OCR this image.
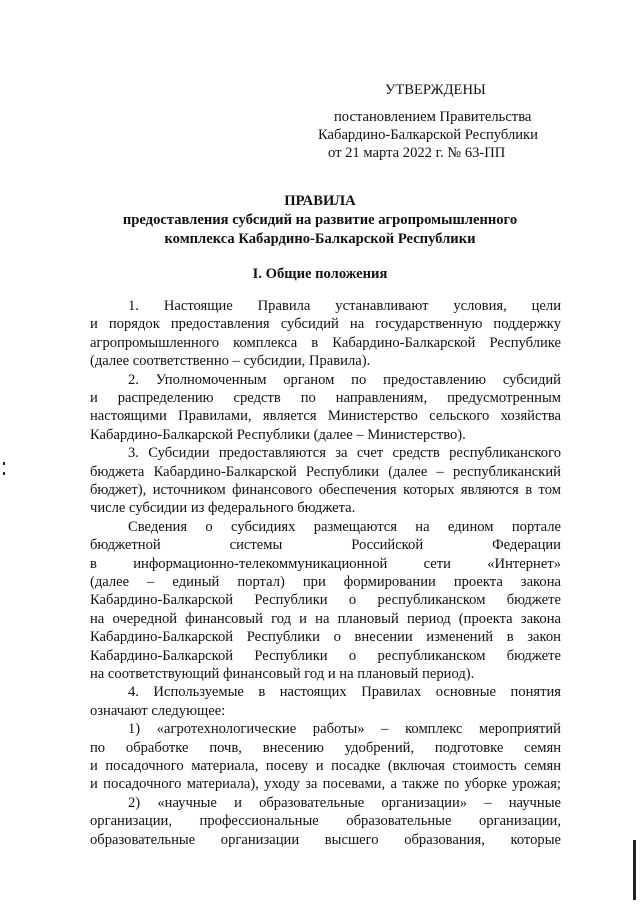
УТВЕРЖДЕНЫ
постановлением Правительства
Кабардино-Балкарской Республики
от 21 марта 2022 г. № 63-ПП
ПРАВИЛА
предоставления субсидий на развитие агропромышленного
комплекса Кабардино-Балкарской Республики
I. Общие положения
1. Настоящие Правила устанавливают условия, цели
и порядок предоставления субсидий на государственную поддержку
агропромышленного комплекса в Кабардино-Балкарской Республике
(далее соответственно – субсидии, Правила).
2. Уполномоченным органом по предоставлению субсидий
и распределению средств по направлениям, предусмотренным
настоящими Правилами, является Министерство сельского хозяйства
Кабардино-Балкарской Республики (далее – Министерство).
3. Субсидии предоставляются за счет средств республиканского
бюджета Кабардино-Балкарской Республики (далее – республиканский
бюджет), источником финансового обеспечения которых являются в том
числе субсидии из федерального бюджета.
Сведения о субсидиях размещаются на едином портале
бюджетной системы Российской Федерации
в информационно-телекоммуникационной сети «Интернет»
(далее – единый портал) при формировании проекта закона
Кабардино-Балкарской Республики о республиканском бюджете
на очередной финансовый год и на плановый период (проекта закона
Кабардино-Балкарской Республики о внесении изменений в закон
Кабардино-Балкарской Республики о республиканском бюджете
на соответствующий финансовый год и на плановый период).
4. Используемые в настоящих Правилах основные понятия
означают следующее:
1) «агротехнологические работы» – комплекс мероприятий
по обработке почв, внесению удобрений, подготовке семян
и посадочного материала, посеву и посадке (включая стоимость семян
и посадочного материала), уходу за посевами, а также по уборке урожая;
2) «научные и образовательные организации» – научные
организации, профессиональные образовательные организации,
образовательные организации высшего образования, которые
